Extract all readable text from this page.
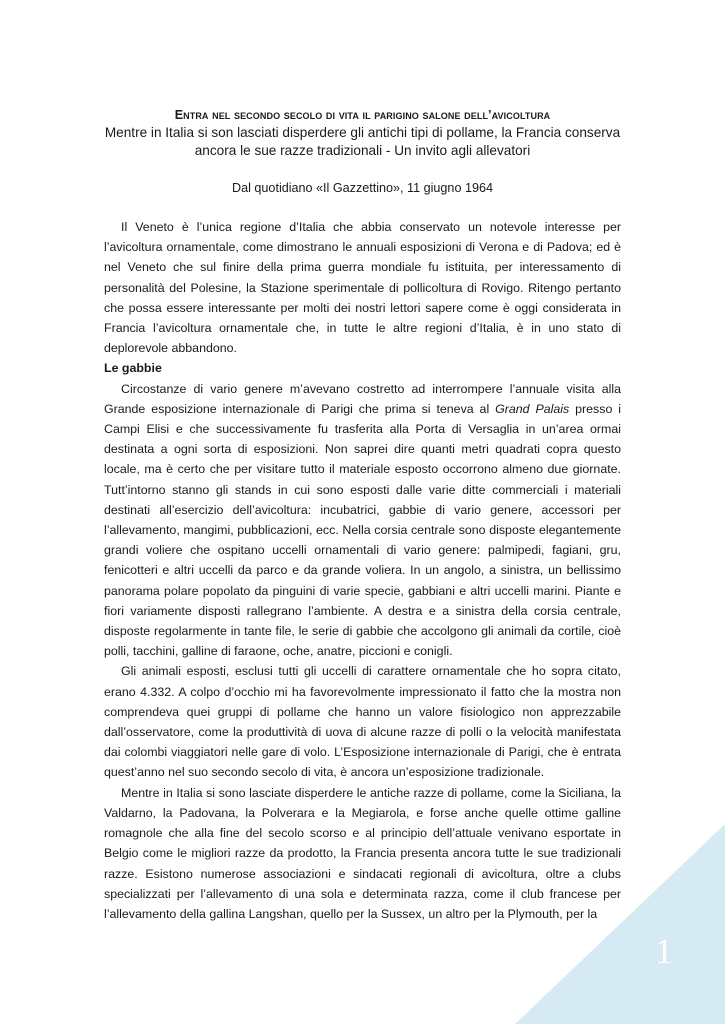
Entra nel secondo secolo di vita il parigino salone dell’avicoltura

Mentre in Italia si son lasciati disperdere gli antichi tipi di pollame, la Francia conserva

ancora le sue razze tradizionali - Un invito agli allevatori

Dal quotidiano «Il Gazzettino», 11 giugno 1964

Il Veneto è l’unica regione d’Italia che abbia conservato un notevole interesse per l’avicoltura ornamentale, come dimostrano le annuali esposizioni di Verona e di Padova; ed è nel Veneto che sul finire della prima guerra mondiale fu istituita, per interessamento di personalità del Polesine, la Stazione sperimentale di pollicoltura di Rovigo. Ritengo pertanto che possa essere interessante per molti dei nostri lettori sapere come è oggi considerata in Francia l’avicoltura ornamentale che, in tutte le altre regioni d’Italia, è in uno stato di deplorevole abbandono.

Le gabbie

Circostanze di vario genere m’avevano costretto ad interrompere l’annuale visita alla Grande esposizione internazionale di Parigi che prima si teneva al Grand Palais presso i Campi Elisi e che successivamente fu trasferita alla Porta di Versaglia in un’area ormai destinata a ogni sorta di esposizioni. Non saprei dire quanti metri quadrati copra questo locale, ma è certo che per visitare tutto il materiale esposto occorrono almeno due giornate. Tutt’intorno stanno gli stands in cui sono esposti dalle varie ditte commerciali i materiali destinati all’esercizio dell’avicoltura: incubatrici, gabbie di vario genere, accessori per l’allevamento, mangimi, pubblicazioni, ecc. Nella corsia centrale sono disposte elegantemente grandi voliere che ospitano uccelli ornamentali di vario genere: palmipedi, fagiani, gru, fenicotteri e altri uccelli da parco e da grande voliera. In un angolo, a sinistra, un bellissimo panorama polare popolato da pinguini di varie specie, gabbiani e altri uccelli marini. Piante e fiori variamente disposti rallegrano l’ambiente. A destra e a sinistra della corsia centrale, disposte regolarmente in tante file, le serie di gabbie che accolgono gli animali da cortile, cioè polli, tacchini, galline di faraone, oche, anatre, piccioni e conigli.

Gli animali esposti, esclusi tutti gli uccelli di carattere ornamentale che ho sopra citato, erano 4.332. A colpo d’occhio mi ha favorevolmente impressionato il fatto che la mostra non comprendeva quei gruppi di pollame che hanno un valore fisiologico non apprezzabile dall’osservatore, come la produttività di uova di alcune razze di polli o la velocità manifestata dai colombi viaggiatori nelle gare di volo. L’Esposizione internazionale di Parigi, che è entrata quest’anno nel suo secondo secolo di vita, è ancora un’esposizione tradizionale.

Mentre in Italia si sono lasciate disperdere le antiche razze di pollame, come la Siciliana, la Valdarno, la Padovana, la Polverara e la Megiarola, e forse anche quelle ottime galline romagnole che alla fine del secolo scorso e al principio dell’attuale venivano esportate in Belgio come le migliori razze da prodotto, la Francia presenta ancora tutte le sue tradizionali razze. Esistono numerose associazioni e sindacati regionali di avicoltura, oltre a clubs specializzati per l’allevamento di una sola e determinata razza, come il club francese per l’allevamento della gallina Langshan, quello per la Sussex, un altro per la Plymouth, per la

1
